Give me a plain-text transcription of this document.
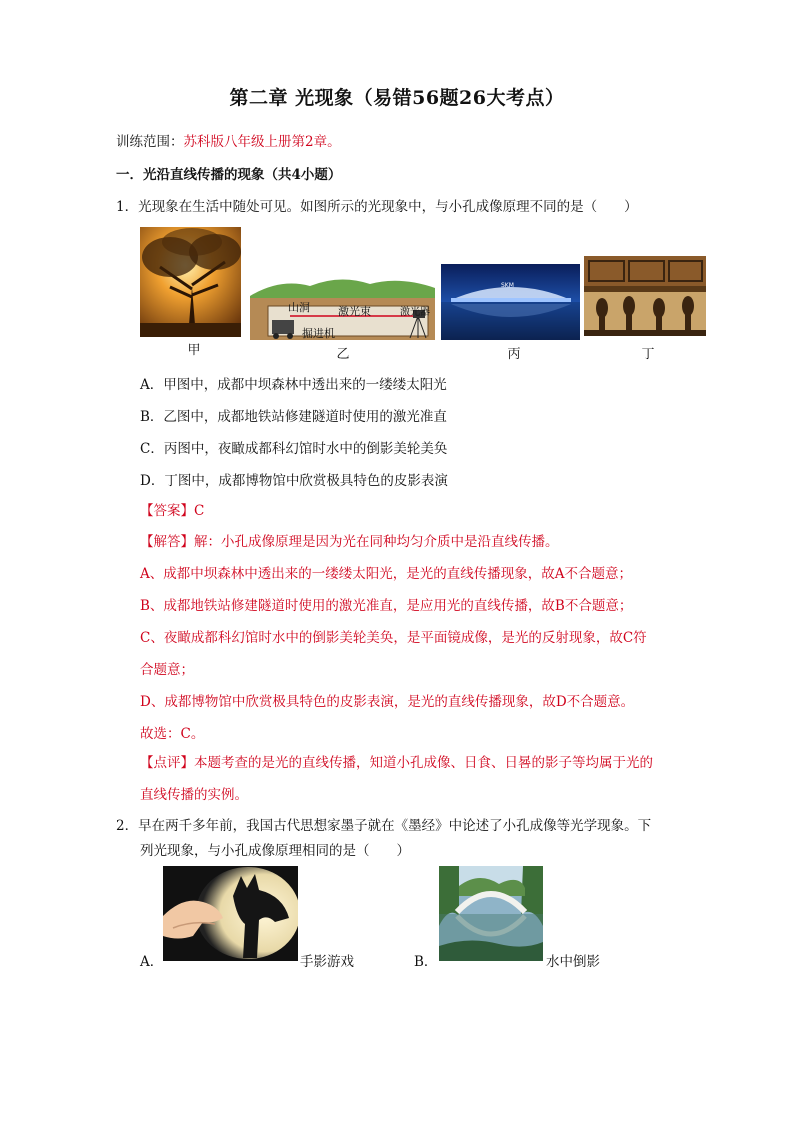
第二章 光现象（易错56题26大考点）
训练范围：苏科版八年级上册第2章。
一．光沿直线传播的现象（共4小题）
1．光现象在生活中随处可见。如图所示的光现象中，与小孔成像原理不同的是（　　）
甲
山洞	激光束	激光器
掘进机
乙
SKM
丙	丁
A．甲图中，成都中坝森林中透出来的一缕缕太阳光
B．乙图中，成都地铁站修建隧道时使用的激光准直
C．丙图中，夜瞰成都科幻馆时水中的倒影美轮美奂
D．丁图中，成都博物馆中欣赏极具特色的皮影表演
【答案】C
【解答】解：小孔成像原理是因为光在同种均匀介质中是沿直线传播。
A、成都中坝森林中透出来的一缕缕太阳光，是光的直线传播现象，故A不合题意；
B、成都地铁站修建隧道时使用的激光准直，是应用光的直线传播，故B不合题意；
C、夜瞰成都科幻馆时水中的倒影美轮美奂，是平面镜成像，是光的反射现象，故C符
合题意；
D、成都博物馆中欣赏极具特色的皮影表演，是光的直线传播现象，故D不合题意。
故选：C。
【点评】本题考查的是光的直线传播，知道小孔成像、日食、日晷的影子等均属于光的
直线传播的实例。
2．早在两千多年前，我国古代思想家墨子就在《墨经》中论述了小孔成像等光学现象。下
列光现象，与小孔成像原理相同的是（　　）
A．	手影游戏	B．	水中倒影
